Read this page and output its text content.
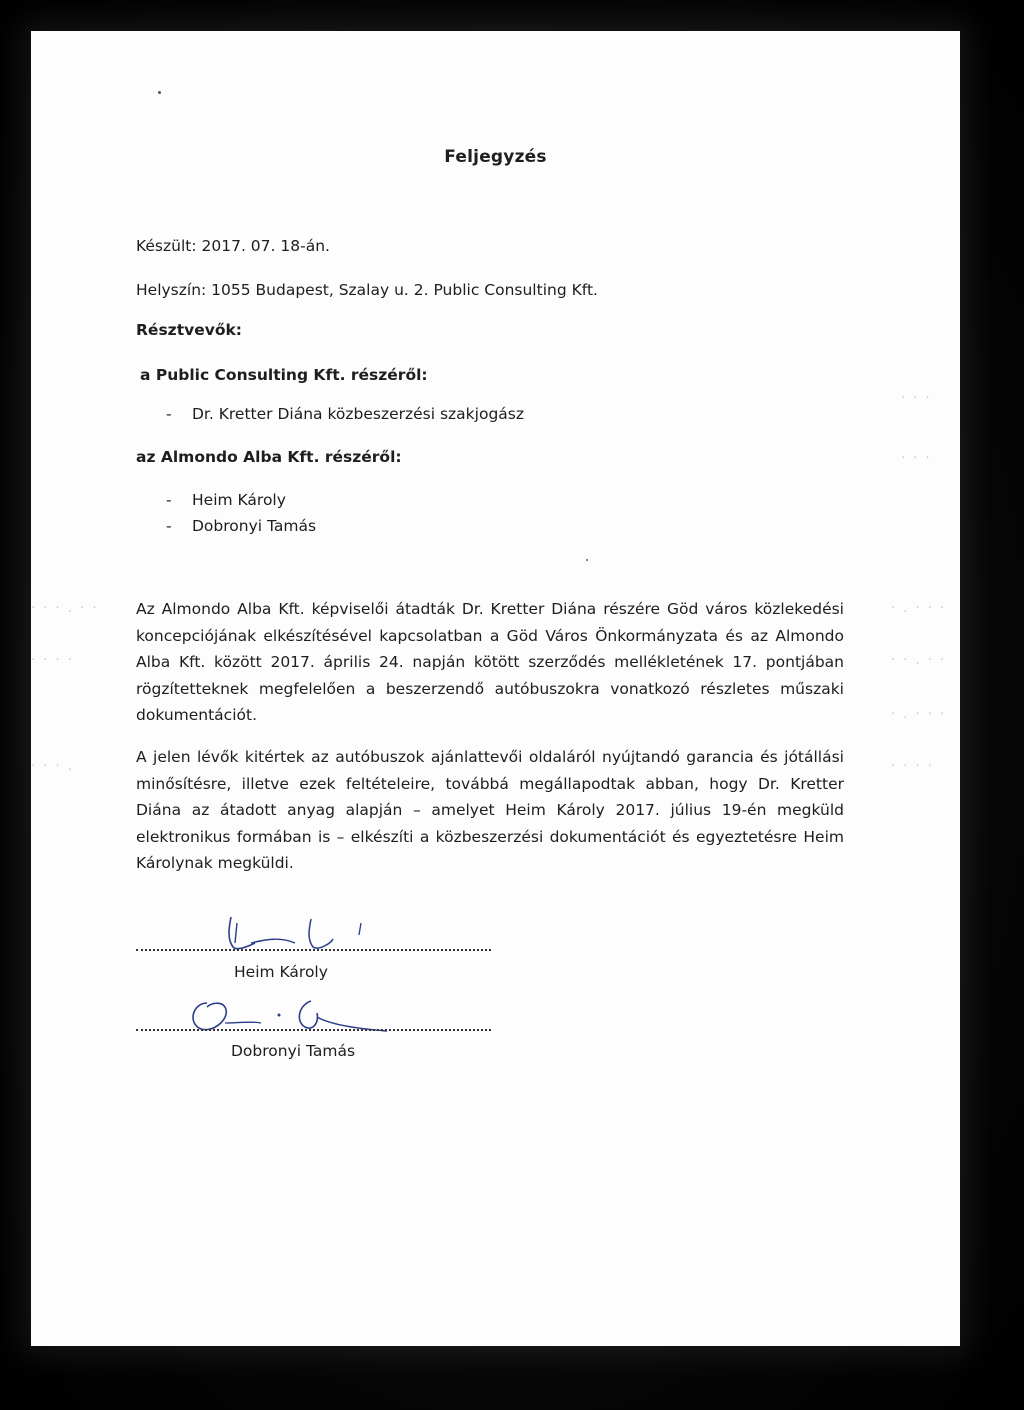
Feljegyzés
Készült: 2017. 07. 18-án.
Helyszín: 1055 Budapest, Szalay u. 2. Public Consulting Kft.
Résztvevők:
a Public Consulting Kft. részéről:
- Dr. Kretter Diána közbeszerzési szakjogász
az Almondo Alba Kft. részéről:
- Heim Károly
- Dobronyi Tamás
Az Almondo Alba Kft. képviselői átadták Dr. Kretter Diána részére Göd város közlekedési koncepciójának elkészítésével kapcsolatban a Göd Város Önkormányzata és az Almondo Alba Kft. között 2017. április 24. napján kötött szerződés mellékletének 17. pontjában rögzítetteknek megfelelően a beszerzendő autóbuszokra vonatkozó részletes műszaki dokumentációt.
A jelen lévők kitértek az autóbuszok ajánlattevői oldaláról nyújtandó garancia és jótállási minősítésre, illetve ezek feltételeire, továbbá megállapodtak abban, hogy Dr. Kretter Diána az átadott anyag alapján – amelyet Heim Károly 2017. július 19-én megküld elektronikus formában is – elkészíti a közbeszerzési dokumentációt és egyeztetésre Heim Károlynak megküldi.
· · · . · ·	· . · · ·
· · · ·	· · . · ·
· . · · ·
· · · .	· · · ·
· · ·
· · ·
Heim Károly
Dobronyi Tamás
